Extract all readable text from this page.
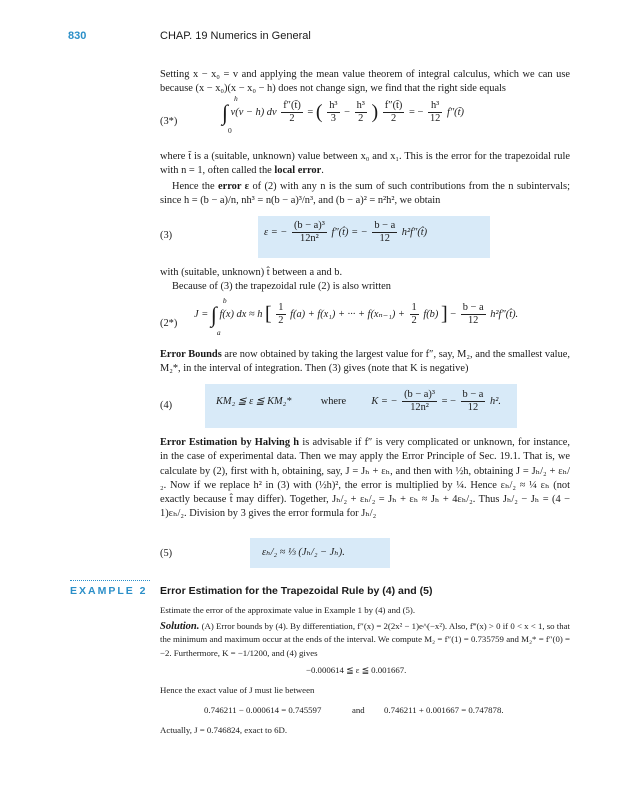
830	CHAP. 19 Numerics in General
Setting x − x₀ = v and applying the mean value theorem of integral calculus, which we can use because (x − x₀)(x − x₀ − h) does not change sign, we find that the right side equals
(3*) ∫
h
0
v(v − h) dv $\frac{f''(t̃)}{2}$ = ( $\frac{\text{h³}}{3} - \frac{\text{h³}}{2}$ ) $\frac{f''(t̃)}{2}$ = − $\frac{\text{h³}}{12}$ f″(t̃)
where t̃ is a (suitable, unknown) value between x₀ and x₁. This is the error for the trapezoidal rule with n = 1, often called the local error.
Hence the error ε of (2) with any n is the sum of such contributions from the n subintervals; since h = (b − a)/n, nh³ = n(b − a)³/n³, and (b − a)² = n²h², we obtain
(3)	ε = − $\frac{\text{(b − a)³}}{\text{12n²}}$ f″(t̂) = − $\frac{b - a}{12}$ h²f″(t̂)
with (suitable, unknown) t̂ between a and b.
Because of (3) the trapezoidal rule (2) is also written
(2*)
J = ∫
b
a
f(x) dx ≈ h [ $\frac{1}{2} f(a) + f(x_1)$ + ··· + $f(x_{n-1}) + \frac{1}{2} f(b)$ ] − $\frac{b - a}{12}$ h²f″(t̂).
Error Bounds are now obtained by taking the largest value for f″, say, M₂, and the smallest value, M₂*, in the interval of integration. Then (3) gives (note that K is negative)
(4)	KM₂ ≦ ε ≦ KM₂*	where K = − $\frac{\text{(b − a)³}}{\text{12n²}}$ = − $\frac{b - a}{12} h^2$.
Error Estimation by Halving h is advisable if f″ is very complicated or unknown, for instance, in the case of experimental data. Then we may apply the Error Principle of Sec. 19.1. That is, we calculate by (2), first with h, obtaining, say, J = Jₕ + εₕ, and then with ½h, obtaining J = Jₕ/₂ + εₕ/₂. Now if we replace h² in (3) with (½h)², the error is multiplied by ¼. Hence εₕ/₂ ≈ ¼ εₕ (not exactly because t̂ may differ). Together, Jₕ/₂ + εₕ/₂ = Jₕ + εₕ ≈ Jₕ + 4εₕ/₂. Thus Jₕ/₂ − Jₕ = (4 − 1)εₕ/₂. Division by 3 gives the error formula for Jₕ/₂
(5)	εₕ/₂ ≈ ⅓ (Jₕ/₂ − Jₕ).
EXAMPLE 2 Error Estimation for the Trapezoidal Rule by (4) and (5)
Estimate the error of the approximate value in Example 1 by (4) and (5).
Solution. (A) Error bounds by (4). By differentiation, f″(x) = 2(2x² − 1)e^(−x²). Also, f‴(x) > 0 if 0 < x < 1, so that the minimum and maximum occur at the ends of the interval. We compute M₂ = f″(1) = 0.735759 and M₂* = f″(0) = −2. Furthermore, K = −1/1200, and (4) gives
−0.000614 ≦ ε ≦ 0.001667.
Hence the exact value of J must lie between
0.746211 − 0.000614 = 0.745597	and 0.746211 + 0.001667 = 0.747878.
Actually, J = 0.746824, exact to 6D.
